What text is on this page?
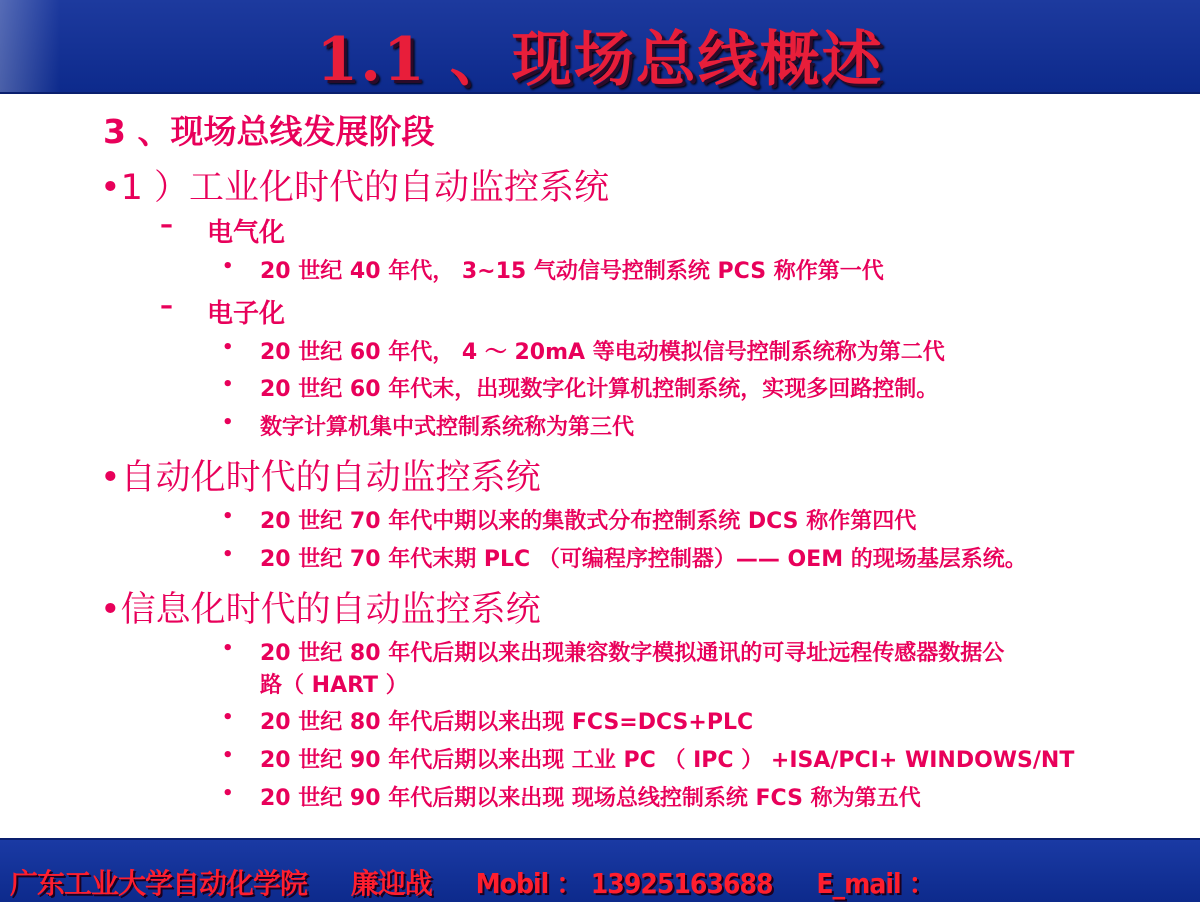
1.1 、现场总线概述
3 、现场总线发展阶段
•1 ）工业化时代的自动监控系统
– 电气化
• 20 世纪 40 年代， 3~15 气动信号控制系统 PCS 称作第一代
– 电子化
• 20 世纪 60 年代， 4 ～ 20mA 等电动模拟信号控制系统称为第二代
• 20 世纪 60 年代末，出现数字化计算机控制系统，实现多回路控制。
• 数字计算机集中式控制系统称为第三代
•自动化时代的自动监控系统
• 20 世纪 70 年代中期以来的集散式分布控制系统 DCS 称作第四代
• 20 世纪 70 年代末期 PLC （可编程序控制器）—— OEM 的现场基层系统。
•信息化时代的自动监控系统
• 20 世纪 80 年代后期以来出现兼容数字模拟通讯的可寻址远程传感器数据公
路（ HART ）
• 20 世纪 80 年代后期以来出现 FCS=DCS+PLC
• 20 世纪 90 年代后期以来出现 工业 PC （ IPC ） +ISA/PCI+ WINDOWS/NT
• 20 世纪 90 年代后期以来出现 现场总线控制系统 FCS 称为第五代
广东工业大学自动化学院 廉迎战 Mobil ： 13925163688 E_mail ：
